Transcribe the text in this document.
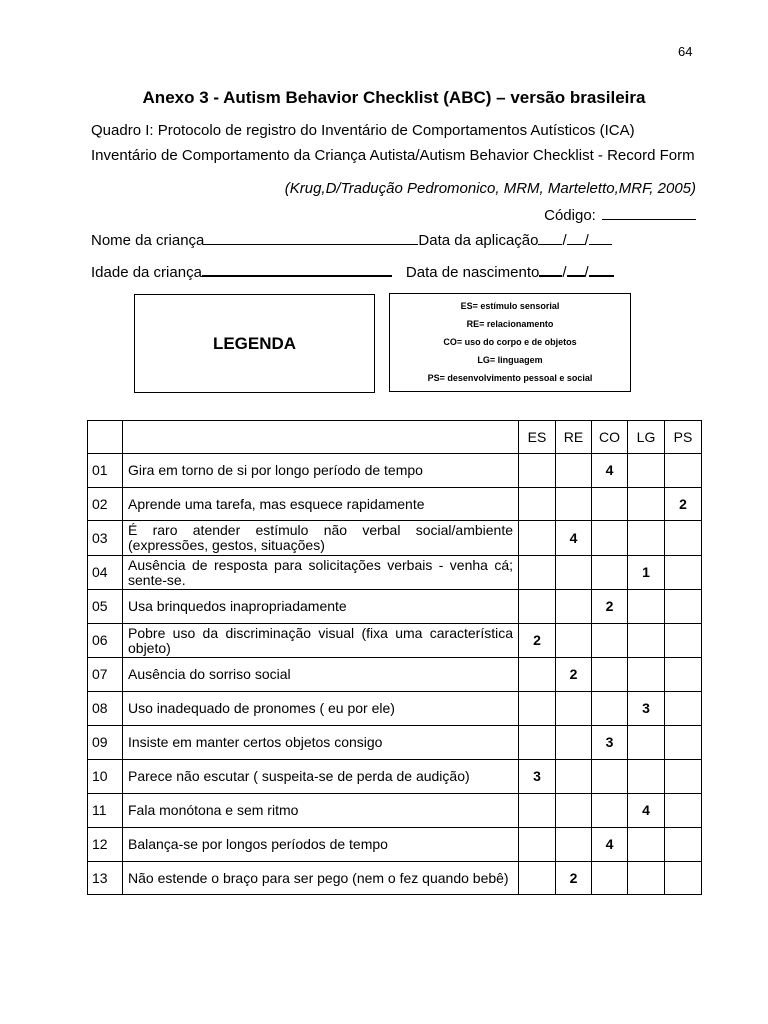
64
Anexo 3 - Autism Behavior Checklist (ABC) – versão brasileira
Quadro I: Protocolo de registro do Inventário de Comportamentos Autísticos (ICA)
Inventário de Comportamento da Criança Autista/Autism Behavior Checklist - Record Form
(Krug,D/Tradução Pedromonico, MRM, Marteletto,MRF, 2005)
Código:
Nome da criança	Data da aplicação / /
Idade da criança	Data de nascimento / /
LEGENDA
ES= estímulo sensorial
RE= relacionamento
CO= uso do corpo e de objetos
LG= linguagem
PS= desenvolvimento pessoal e social
		ES	RE	CO	LG	PS
01	Gira em torno de si por longo período de tempo			4		
02	Aprende uma tarefa, mas esquece rapidamente					2
03	É raro atender estímulo não verbal social/ambiente (expressões, gestos, situações)		4			
04	Ausência de resposta para solicitações verbais - venha cá; sente-se.				1	
05	Usa brinquedos inapropriadamente			2		
06	Pobre uso da discriminação visual (fixa uma característica objeto)	2				
07	Ausência do sorriso social		2			
08	Uso inadequado de pronomes ( eu por ele)				3	
09	Insiste em manter certos objetos consigo			3		
10	Parece não escutar ( suspeita-se de perda de audição)	3				
11	Fala monótona e sem ritmo				4	
12	Balança-se por longos períodos de tempo			4		
13	Não estende o braço para ser pego (nem o fez quando bebê)		2			
